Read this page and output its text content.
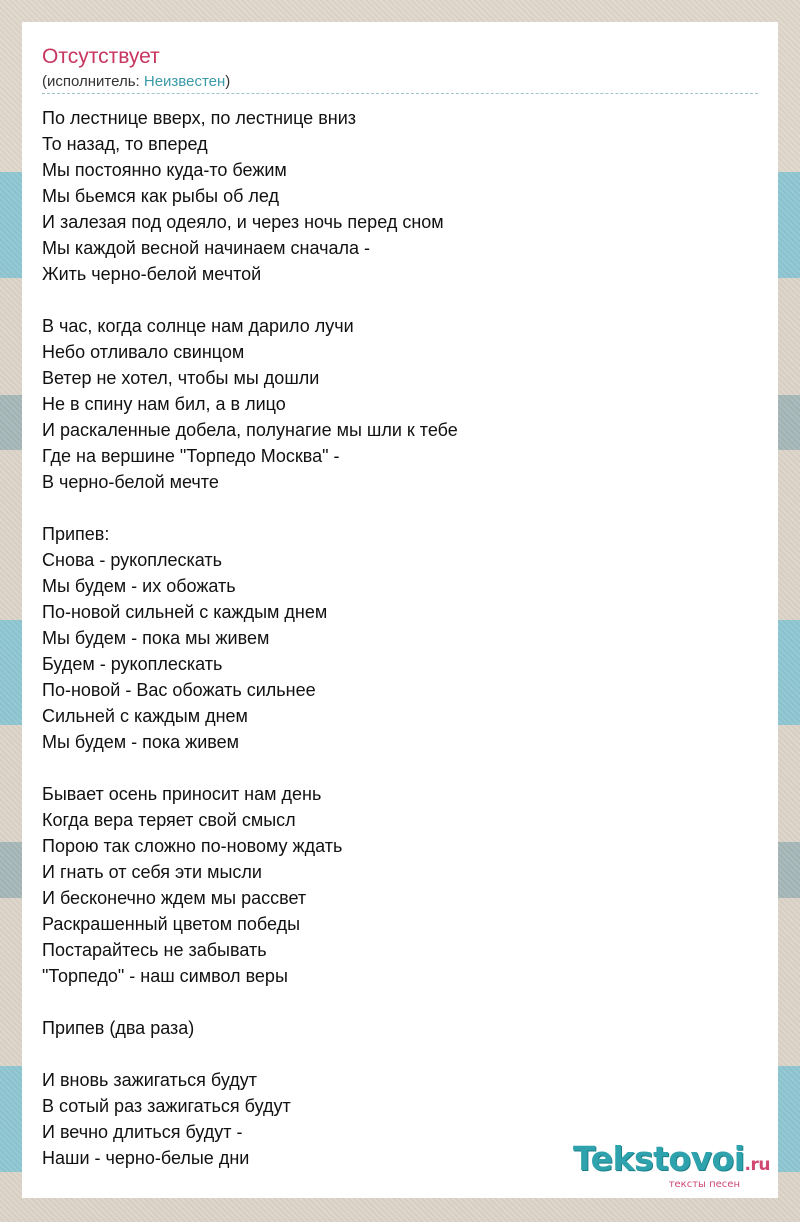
Отсутствует
(исполнитель: Неизвестен)
По лестнице вверх, по лестнице вниз
То назад, то вперед
Мы постоянно куда-то бежим
Мы бьемся как рыбы об лед
И залезая под одеяло, и через ночь перед сном
Мы каждой весной начинаем сначала -
Жить черно-белой мечтой
В час, когда солнце нам дарило лучи
Небо отливало свинцом
Ветер не хотел, чтобы мы дошли
Не в спину нам бил, а в лицо
И раскаленные добела, полунагие мы шли к тебе
Где на вершине "Торпедо Москва" -
В черно-белой мечте
Припев:
Снова - рукоплескать
Мы будем - их обожать
По-новой сильней с каждым днем
Мы будем - пока мы живем
Будем - рукоплескать
По-новой - Вас обожать сильнее
Сильней с каждым днем
Мы будем - пока живем
Бывает осень приносит нам день
Когда вера теряет свой смысл
Порою так сложно по-новому ждать
И гнать от себя эти мысли
И бесконечно ждем мы рассвет
Раскрашенный цветом победы
Постарайтесь не забывать
"Торпедо" - наш символ веры
Припев (два раза)
И вновь зажигаться будут
В сотый раз зажигаться будут
И вечно длиться будут -
Наши - черно-белые дни	Tekstovoi.ru
тексты песен
